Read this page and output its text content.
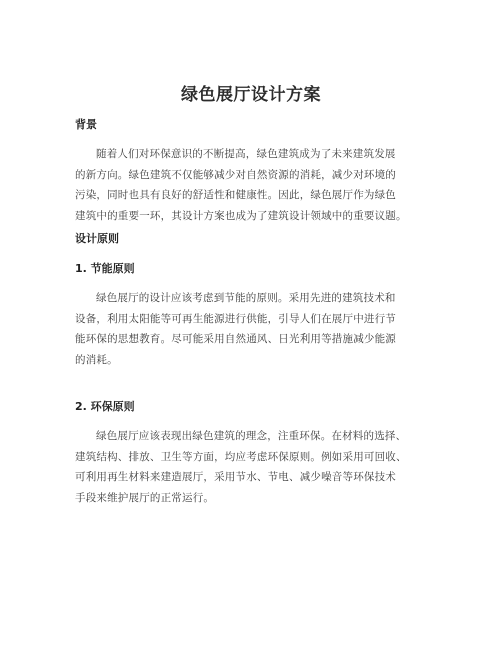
绿色展厅设计方案
背景
随着人们对环保意识的不断提高，绿色建筑成为了未来建筑发展
的新方向。绿色建筑不仅能够减少对自然资源的消耗，减少对环境的
污染，同时也具有良好的舒适性和健康性。因此，绿色展厅作为绿色
建筑中的重要一环，其设计方案也成为了建筑设计领域中的重要议题。
设计原则
1. 节能原则
绿色展厅的设计应该考虑到节能的原则。采用先进的建筑技术和
设备，利用太阳能等可再生能源进行供能，引导人们在展厅中进行节
能环保的思想教育。尽可能采用自然通风、日光利用等措施减少能源
的消耗。
2. 环保原则
绿色展厅应该表现出绿色建筑的理念，注重环保。在材料的选择、
建筑结构、排放、卫生等方面，均应考虑环保原则。例如采用可回收、
可利用再生材料来建造展厅，采用节水、节电、减少噪音等环保技术
手段来维护展厅的正常运行。
